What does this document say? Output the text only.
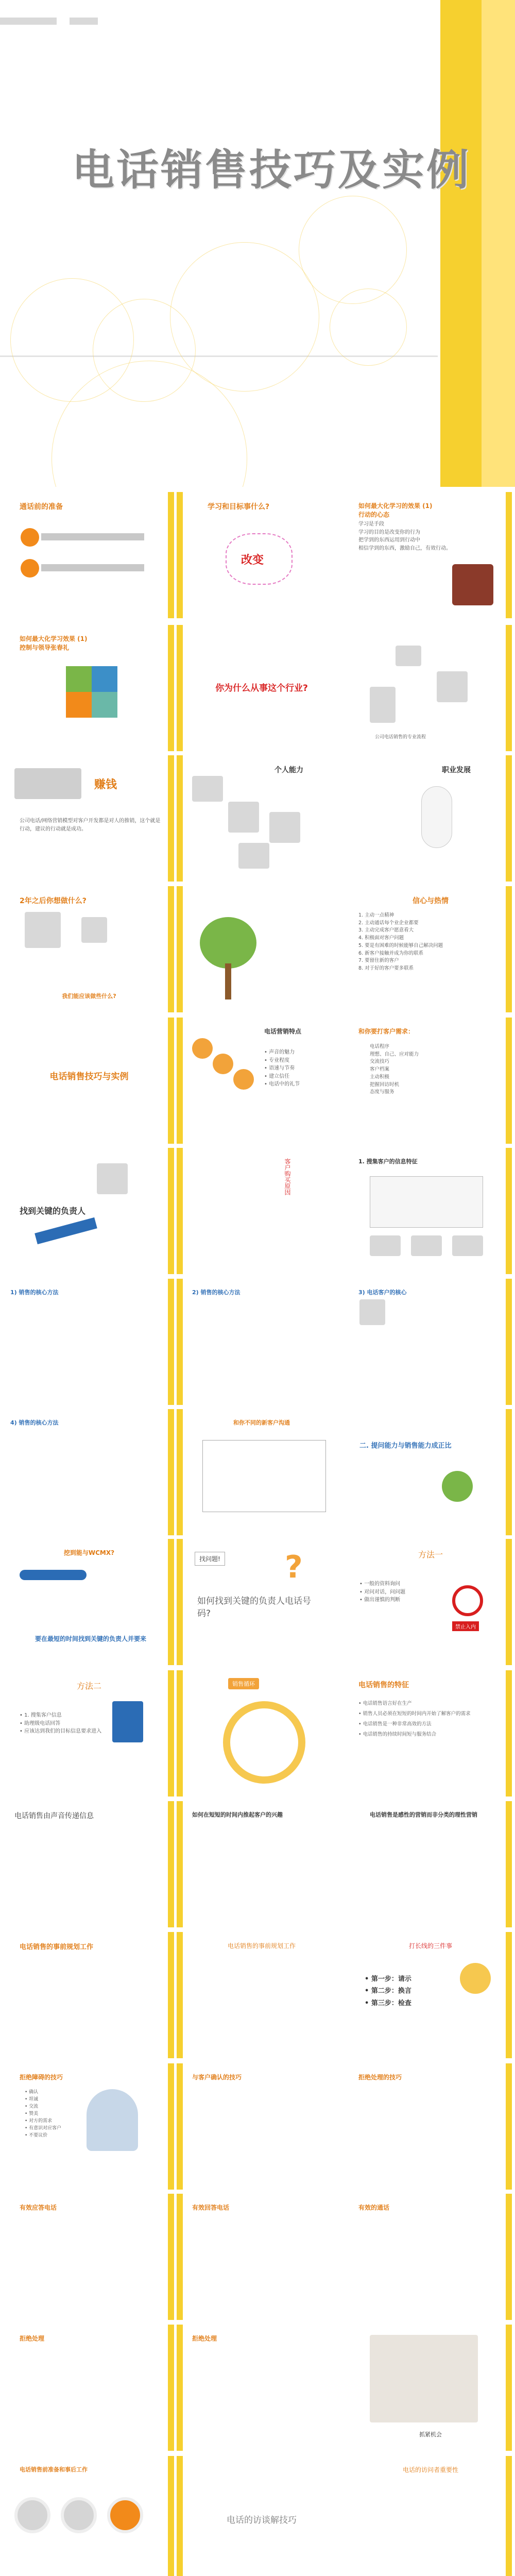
电话销售技巧及实例
通话前的准备	学习和目标事什么?
改变
如何最大化学习的效果 (1)
行动的心态
学习是手段
学习的目的是改变你的行为
把学到的东西运用到行动中
相信学到的东西，激励自己，有效行动。
如何最大化学习效果 (1)
控制与领导张春礼
你为什么从事这个行业?
公司电话销售的专业流程
赚钱
公司电话/网络营销模型对客户开发都是对人的推销，这个就是行动，建议的行动就是成功。
个人能力	职业发展
2年之后你想做什么?
我们能应该做些什么?
信心与热情
1. 主动一点精神
2. 主动通话每个业企业都要
3. 主动完成客户愿意看大
4. 积极面对客户问题
5. 要是有困难的时候能够自己解决问题
6. 新客户接触并成为你的联系
7. 要留住新的客户
8. 对于好的客户要多联系
电话销售技巧与实例
电话营销特点
• 声音的魅力
• 专业程度
• 语速与节奏
• 建立信任
• 电话中的礼节
和你要打客户需求：
电话程序
理想、自己、应对能力
交流技巧
客户档案
主动积极
把握回访时机
态度与服务
找到关键的负责人
客户购买原因	1. 搜集客户的信息特征
1) 销售的核心方法	2) 销售的核心方法	3) 电话客户的核心
4) 销售的核心方法	和你不同的新客户沟通
二. 提问能力与销售能力成正比
挖到能与WCMX?
要在最短的时间找到关键的负责人并要来
找问题! ?
如何找到关键的负责人电话号码?
方法一
• 一般的资料询问
• 对问对话，问问题
• 做出谨慎的判断
禁止入内
方法二
• 1. 搜集客户信息
• 助理级电话回答
• 应该达到我们的目标信息要求进入
销售循环	电话销售的特征
• 电话销售语言好在生产
• 销售人员必须在短短的时间内开始了解客户的需求
• 电话销售是一种非常高效的方法
• 电话销售的持续时间短与服务结合
电话销售由声音传递信息	如何在短短的时间内推起客户的兴趣	电话销售是感性的营销而非分类的理性营销
电话销售的事前规划工作	电话销售的事前规划工作	打长线的三件事
• 第一步：请示
• 第二步：换言
• 第三步：检查
拒绝障碍的技巧
• 确认
• 坦诚
• 交流
• 赞美
• 对方的需求
• 有意识对应客户
• 不要议价
与客户确认的技巧	拒绝处理的技巧
有效应答电话	有效回答电话	有效的通话
拒绝处理	拒绝处理
抓紧机会
电话销售前准备和事后工作
电话的访谈解技巧
电话的访问者重要性
